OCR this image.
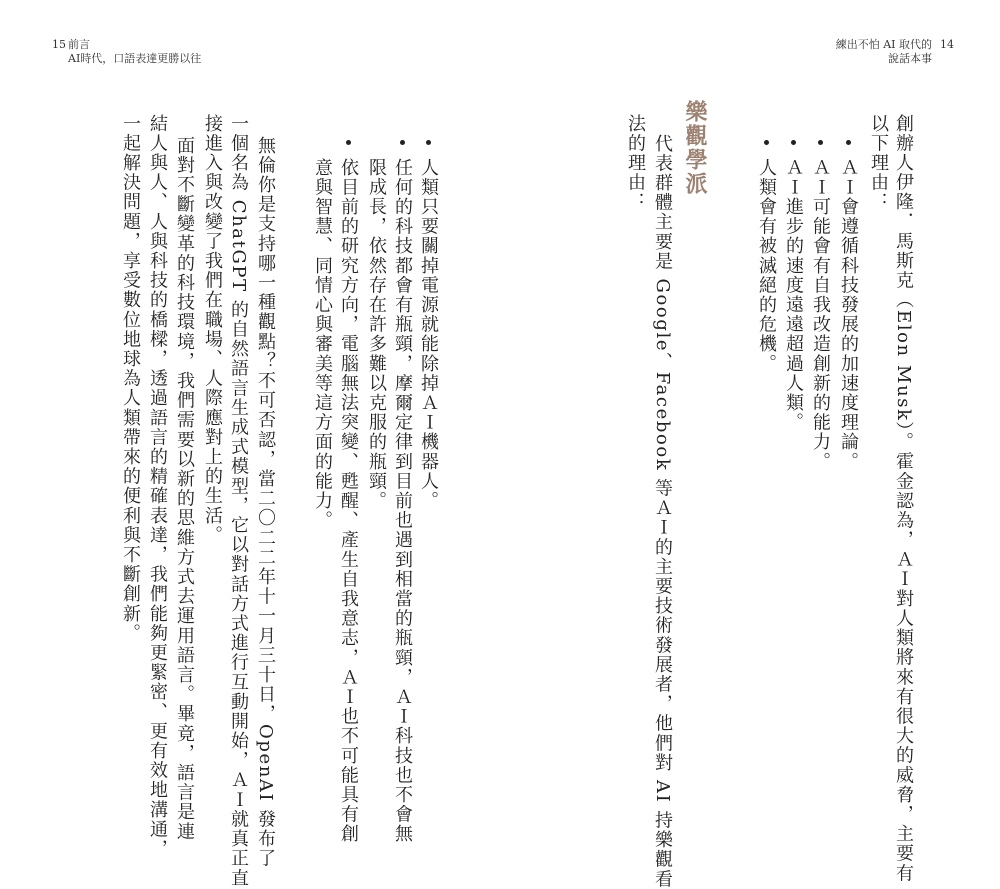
15 前言
AI時代，口語表達更勝以往
人類只要關掉電源就能除掉ＡＩ機器人。
任何的科技都會有瓶頸，摩爾定律到目前也遇到相當的瓶頸，ＡＩ科技也不會無
限成長，依然存在許多難以克服的瓶頸。
依目前的研究方向，電腦無法突變、甦醒、產生自我意志，ＡＩ也不可能具有創
意與智慧、同情心與審美等這方面的能力。
無倫你是支持哪一種觀點？不可否認，當二〇二二年十一月三十日，OpenAI 發布了
一個名為 ChatGPT 的自然語言生成式模型，它以對話方式進行互動開始，ＡＩ就真正直
接進入與改變了我們在職場、人際應對上的生活。
面對不斷變革的科技環境，我們需要以新的思維方式去運用語言。畢竟，語言是連
結人與人、人與科技的橋樑，透過語言的精確表達，我們能夠更緊密、更有效地溝通，
一起解決問題，享受數位地球為人類帶來的便利與不斷創新。
練出不怕 AI 取代的
說話本事
14
創辦人伊隆．馬斯克（Elon Musk）。霍金認為，ＡＩ對人類將來有很大的威脅，主要有
以下理由：
ＡＩ會遵循科技發展的加速度理論。
ＡＩ可能會有自我改造創新的能力。
ＡＩ進步的速度遠遠超過人類。
人類會有被滅絕的危機。
樂觀學派
代表群體主要是 Google、Facebook 等ＡＩ的主要技術發展者，他們對 AI 持樂觀看
法的理由：
